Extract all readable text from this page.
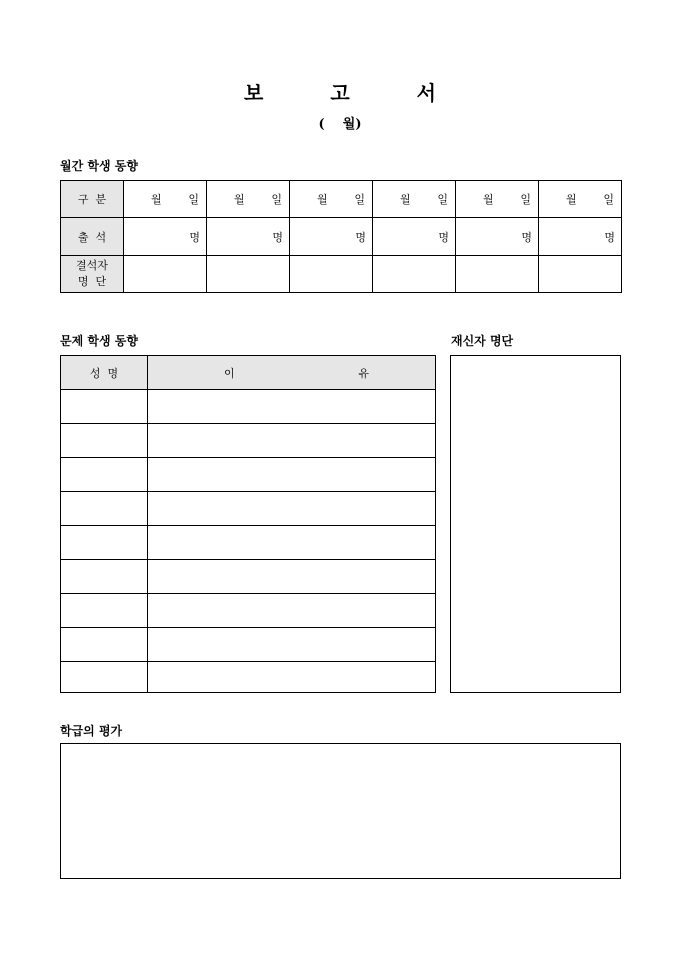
보 고 서
(    월)
월간 학생 동향
구  분	월 일	월 일	월 일	월 일	월 일	월 일

출  석	명	명	명	명	명	명

결석자
명  단						

문제 학생 동향	재신자 명단
성  명	이 유

학급의 평가
